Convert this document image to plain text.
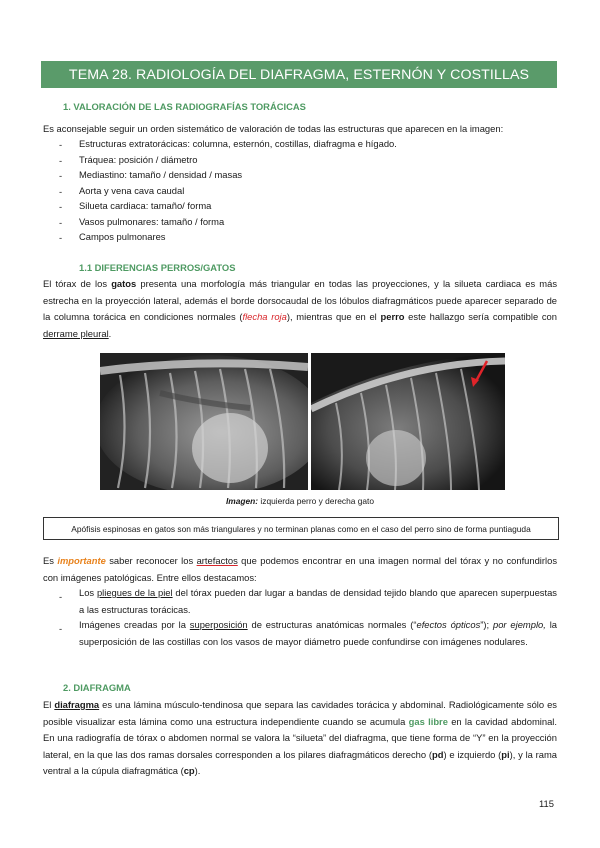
TEMA 28. RADIOLOGÍA DEL DIAFRAGMA, ESTERNÓN Y COSTILLAS
1. VALORACIÓN DE LAS RADIOGRAFÍAS TORÁCICAS
Es aconsejable seguir un orden sistemático de valoración de todas las estructuras que aparecen en la imagen:
- Estructuras extratorácicas: columna, esternón, costillas, diafragma e hígado.
- Tráquea: posición / diámetro
- Mediastino: tamaño / densidad / masas
- Aorta y vena cava caudal
- Silueta cardiaca: tamaño/ forma
- Vasos pulmonares: tamaño / forma
- Campos pulmonares
1.1 DIFERENCIAS PERROS/GATOS
El tórax de los gatos presenta una morfología más triangular en todas las proyecciones, y la silueta cardiaca es más estrecha en la proyección lateral, además el borde dorsocaudal de los lóbulos diafragmáticos puede aparecer separado de la columna torácica en condiciones normales (flecha roja), mientras que en el perro este hallazgo sería compatible con derrame pleural.
Imagen: izquierda perro y derecha gato
Apófisis espinosas en gatos son más triangulares y no terminan planas como en el caso del perro sino de forma puntiaguda
Es importante saber reconocer los artefactos que podemos encontrar en una imagen normal del tórax y no confundirlos con imágenes patológicas. Entre ellos destacamos:
- Los pliegues de la piel del tórax pueden dar lugar a bandas de densidad tejido blando que aparecen superpuestas a las estructuras torácicas.
- Imágenes creadas por la superposición de estructuras anatómicas normales (“efectos ópticos”); por ejemplo, la superposición de las costillas con los vasos de mayor diámetro puede confundirse con imágenes nodulares.
2. DIAFRAGMA
El diafragma es una lámina músculo-tendinosa que separa las cavidades torácica y abdominal. Radiológicamente sólo es posible visualizar esta lámina como una estructura independiente cuando se acumula gas libre en la cavidad abdominal. En una radiografía de tórax o abdomen normal se valora la “silueta” del diafragma, que tiene forma de “Y” en la proyección lateral, en la que las dos ramas dorsales corresponden a los pilares diafragmáticos derecho (pd) e izquierdo (pi), y la rama ventral a la cúpula diafragmática (cp).
115
